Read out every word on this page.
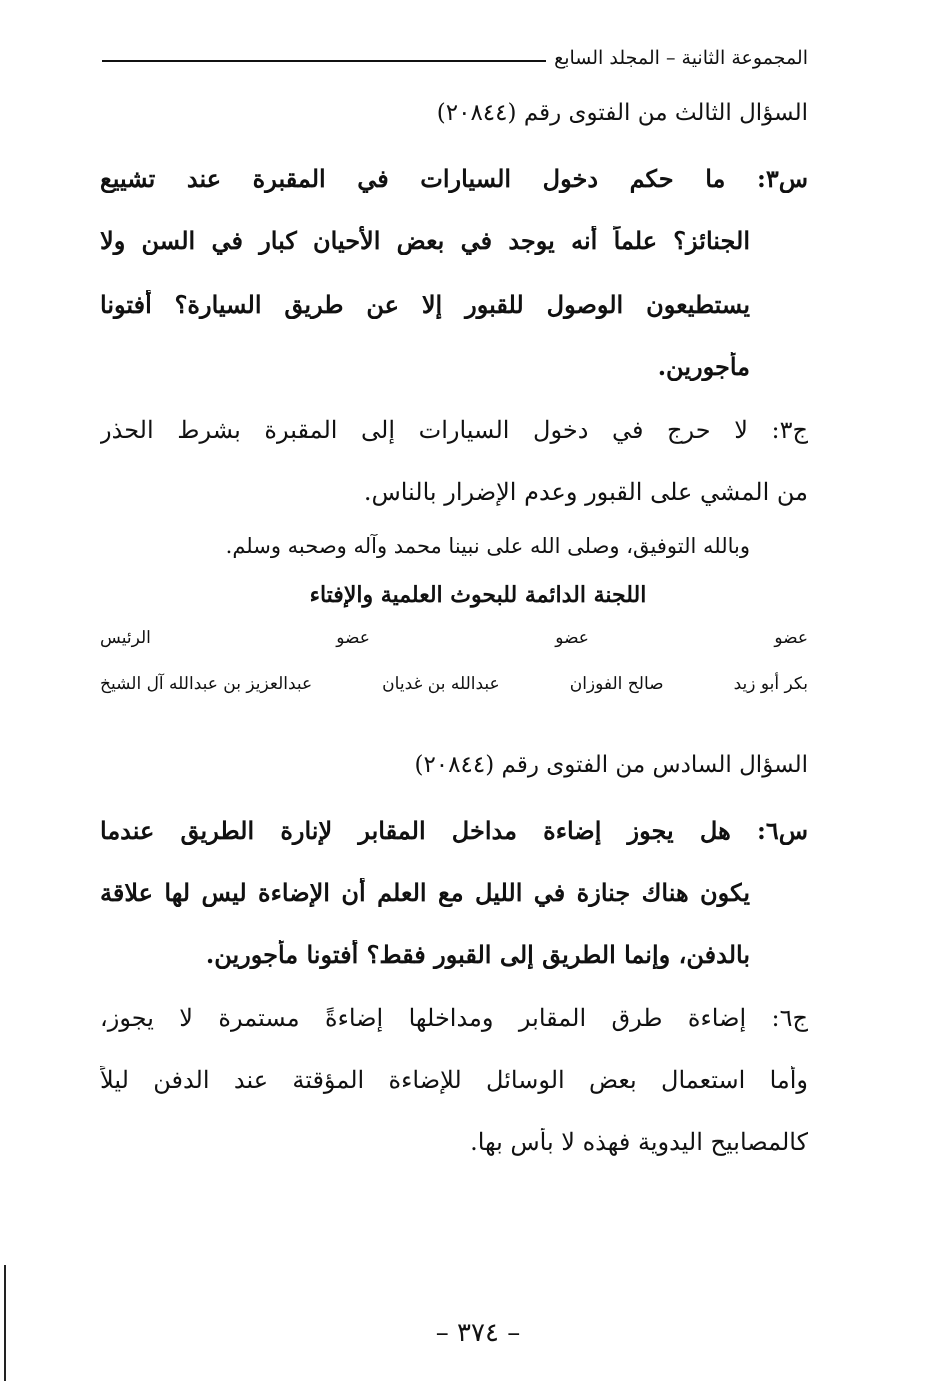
المجموعة الثانية – المجلد السابع
السؤال الثالث من الفتوى رقم (٢٠٨٤٤)
س٣: ما حكم دخول السيارات في المقبرة عند تشييع
الجنائز؟ علماً أنه يوجد في بعض الأحيان كبار في السن ولا
يستطيعون الوصول للقبور إلا عن طريق السيارة؟ أفتونا
مأجورين.
ج٣: لا حرج في دخول السيارات إلى المقبرة بشرط الحذر
من المشي على القبور وعدم الإضرار بالناس.
وبالله التوفيق، وصلى الله على نبينا محمد وآله وصحبه وسلم.
اللجنة الدائمة للبحوث العلمية والإفتاء
عضو
عضو
عضو
الرئيس
بكر أبو زيد
صالح الفوزان
عبدالله بن غديان
عبدالعزيز بن عبدالله آل الشيخ
السؤال السادس من الفتوى رقم (٢٠٨٤٤)
س٦: هل يجوز إضاءة مداخل المقابر لإنارة الطريق عندما
يكون هناك جنازة في الليل مع العلم أن الإضاءة ليس لها علاقة
بالدفن، وإنما الطريق إلى القبور فقط؟ أفتونا مأجورين.
ج٦: إضاءة طرق المقابر ومداخلها إضاءةً مستمرة لا يجوز،
وأما استعمال بعض الوسائل للإضاءة المؤقتة عند الدفن ليلاً
كالمصابيح اليدوية فهذه لا بأس بها.
– ٣٧٤ –
